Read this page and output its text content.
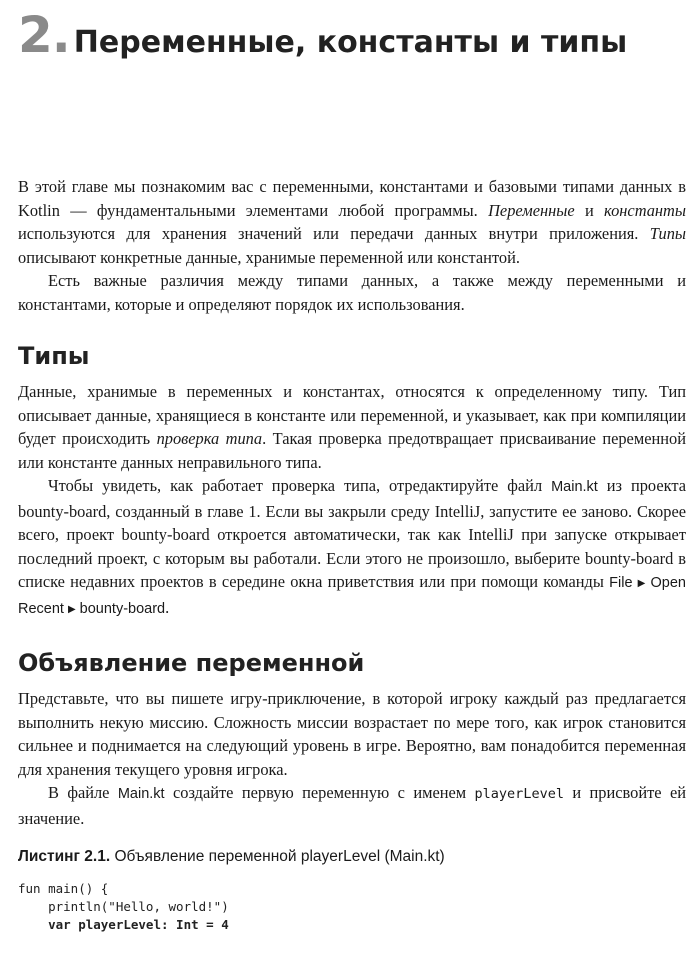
2. Переменные, константы и типы

В этой главе мы познакомим вас с переменными, константами и базовыми типами данных в Kotlin — фундаментальными элементами любой программы. Переменные и константы используются для хранения значений или передачи данных внутри приложения. Типы описывают конкретные данные, хранимые переменной или константой.

Есть важные различия между типами данных, а также между переменными и константами, которые и определяют порядок их использования.

Типы

Данные, хранимые в переменных и константах, относятся к определенному типу. Тип описывает данные, хранящиеся в константе или переменной, и указывает, как при компиляции будет происходить проверка типа. Такая проверка предотвращает присваивание переменной или константе данных неправильного типа.

Чтобы увидеть, как работает проверка типа, отредактируйте файл Main.kt из проекта bounty-board, созданный в главе 1. Если вы закрыли среду IntelliJ, запустите ее заново. Скорее всего, проект bounty-board откроется автоматически, так как IntelliJ при запуске открывает последний проект, с которым вы работали. Если этого не произошло, выберите bounty-board в списке недавних проектов в середине окна приветствия или при помощи команды File ▶ Open Recent ▶ bounty-board.

Объявление переменной

Представьте, что вы пишете игру-приключение, в которой игроку каждый раз предлагается выполнить некую миссию. Сложность миссии возрастает по мере того, как игрок становится сильнее и поднимается на следующий уровень в игре. Вероятно, вам понадобится переменная для хранения текущего уровня игрока.

В файле Main.kt создайте первую переменную с именем playerLevel и присвойте ей значение.

Листинг 2.1. Объявление переменной playerLevel (Main.kt)
fun main() {
println("Hello, world!")
var playerLevel: Int = 4
